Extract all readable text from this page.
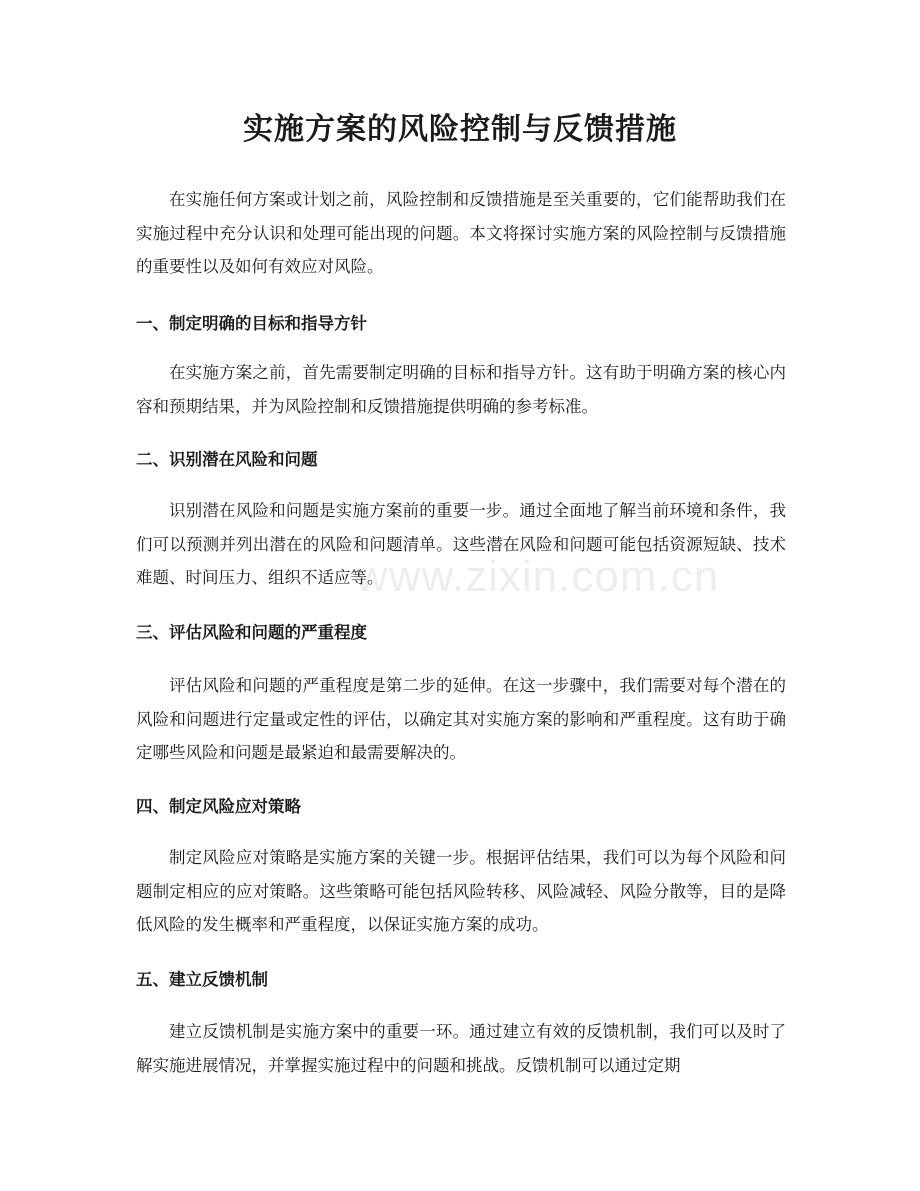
实施方案的风险控制与反馈措施

在实施任何方案或计划之前，风险控制和反馈措施是至关重要的，它们能帮助我们在实施过程中充分认识和处理可能出现的问题。本文将探讨实施方案的风险控制与反馈措施的重要性以及如何有效应对风险。

一、制定明确的目标和指导方针

在实施方案之前，首先需要制定明确的目标和指导方针。这有助于明确方案的核心内容和预期结果，并为风险控制和反馈措施提供明确的参考标准。

二、识别潜在风险和问题

识别潜在风险和问题是实施方案前的重要一步。通过全面地了解当前环境和条件，我们可以预测并列出潜在的风险和问题清单。这些潜在风险和问题可能包括资源短缺、技术难题、时间压力、组织不适应等。

三、评估风险和问题的严重程度

评估风险和问题的严重程度是第二步的延伸。在这一步骤中，我们需要对每个潜在的风险和问题进行定量或定性的评估，以确定其对实施方案的影响和严重程度。这有助于确定哪些风险和问题是最紧迫和最需要解决的。

四、制定风险应对策略

制定风险应对策略是实施方案的关键一步。根据评估结果，我们可以为每个风险和问题制定相应的应对策略。这些策略可能包括风险转移、风险减轻、风险分散等，目的是降低风险的发生概率和严重程度，以保证实施方案的成功。

五、建立反馈机制

建立反馈机制是实施方案中的重要一环。通过建立有效的反馈机制，我们可以及时了解实施进展情况，并掌握实施过程中的问题和挑战。反馈机制可以通过定期

www.zixin.com.cn
